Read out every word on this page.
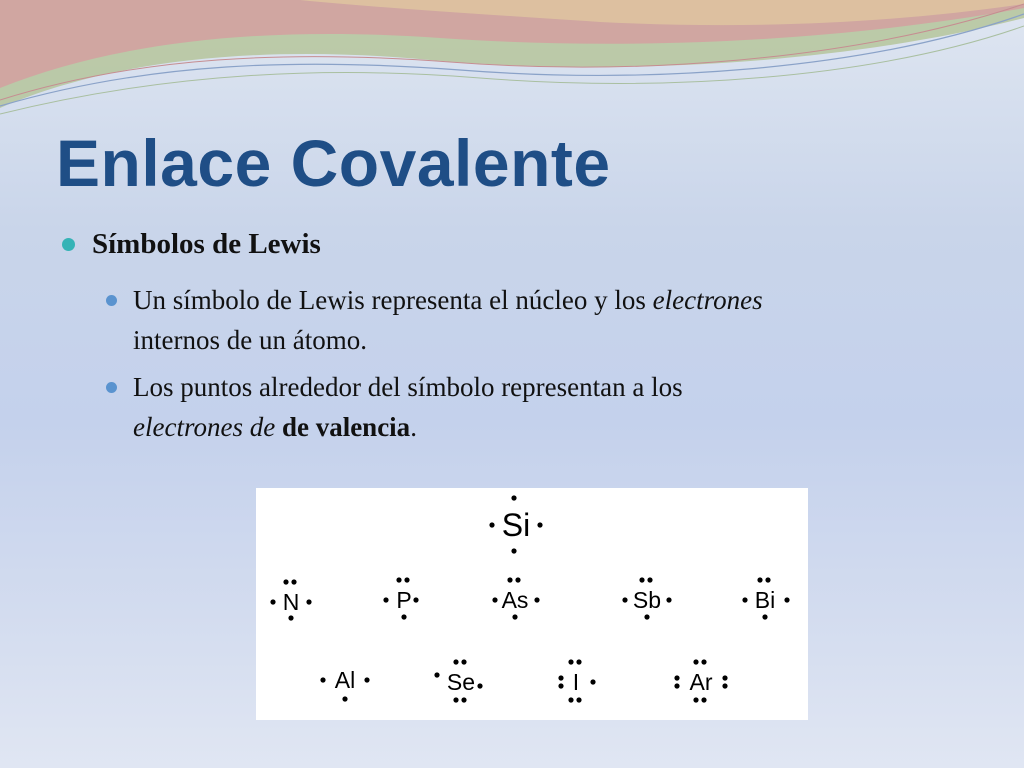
Enlace Covalente
Símbolos de Lewis
Un símbolo de Lewis representa el núcleo y los electrones
internos de un átomo.
Los puntos alrededor del símbolo representan a los
electrones de de valencia.
Si
N	P	As	Sb	Bi
Al	Se	I	Ar
